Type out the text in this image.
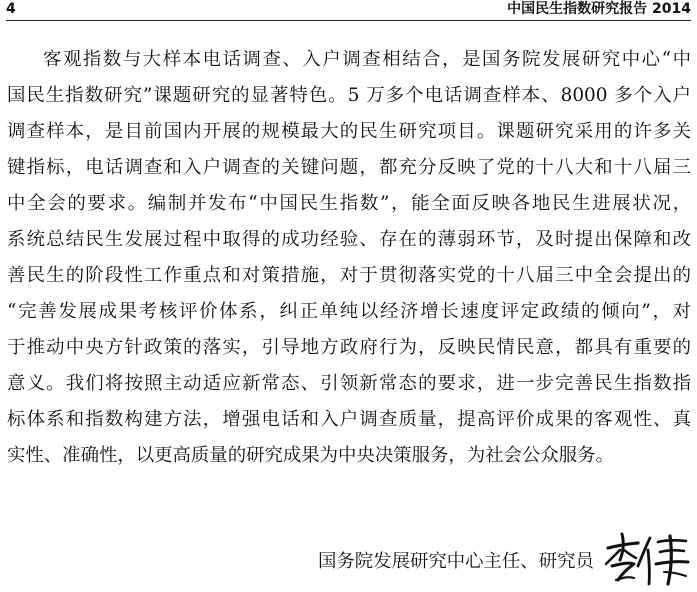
4	中国民生指数研究报告 2014
客观指数与大样本电话调查、入户调查相结合，是国务院发展研究中心“中
国民生指数研究”课题研究的显著特色。5 万多个电话调查样本、8000 多个入户
调查样本，是目前国内开展的规模最大的民生研究项目。课题研究采用的许多关
键指标，电话调查和入户调查的关键问题，都充分反映了党的十八大和十八届三
中全会的要求。编制并发布“中国民生指数”，能全面反映各地民生进展状况，
系统总结民生发展过程中取得的成功经验、存在的薄弱环节，及时提出保障和改
善民生的阶段性工作重点和对策措施，对于贯彻落实党的十八届三中全会提出的
“完善发展成果考核评价体系，纠正单纯以经济增长速度评定政绩的倾向”，对
于推动中央方针政策的落实，引导地方政府行为，反映民情民意，都具有重要的
意义。我们将按照主动适应新常态、引领新常态的要求，进一步完善民生指数指
标体系和指数构建方法，增强电话和入户调查质量，提高评价成果的客观性、真
实性、准确性，以更高质量的研究成果为中央决策服务，为社会公众服务。
国务院发展研究中心主任、研究员
